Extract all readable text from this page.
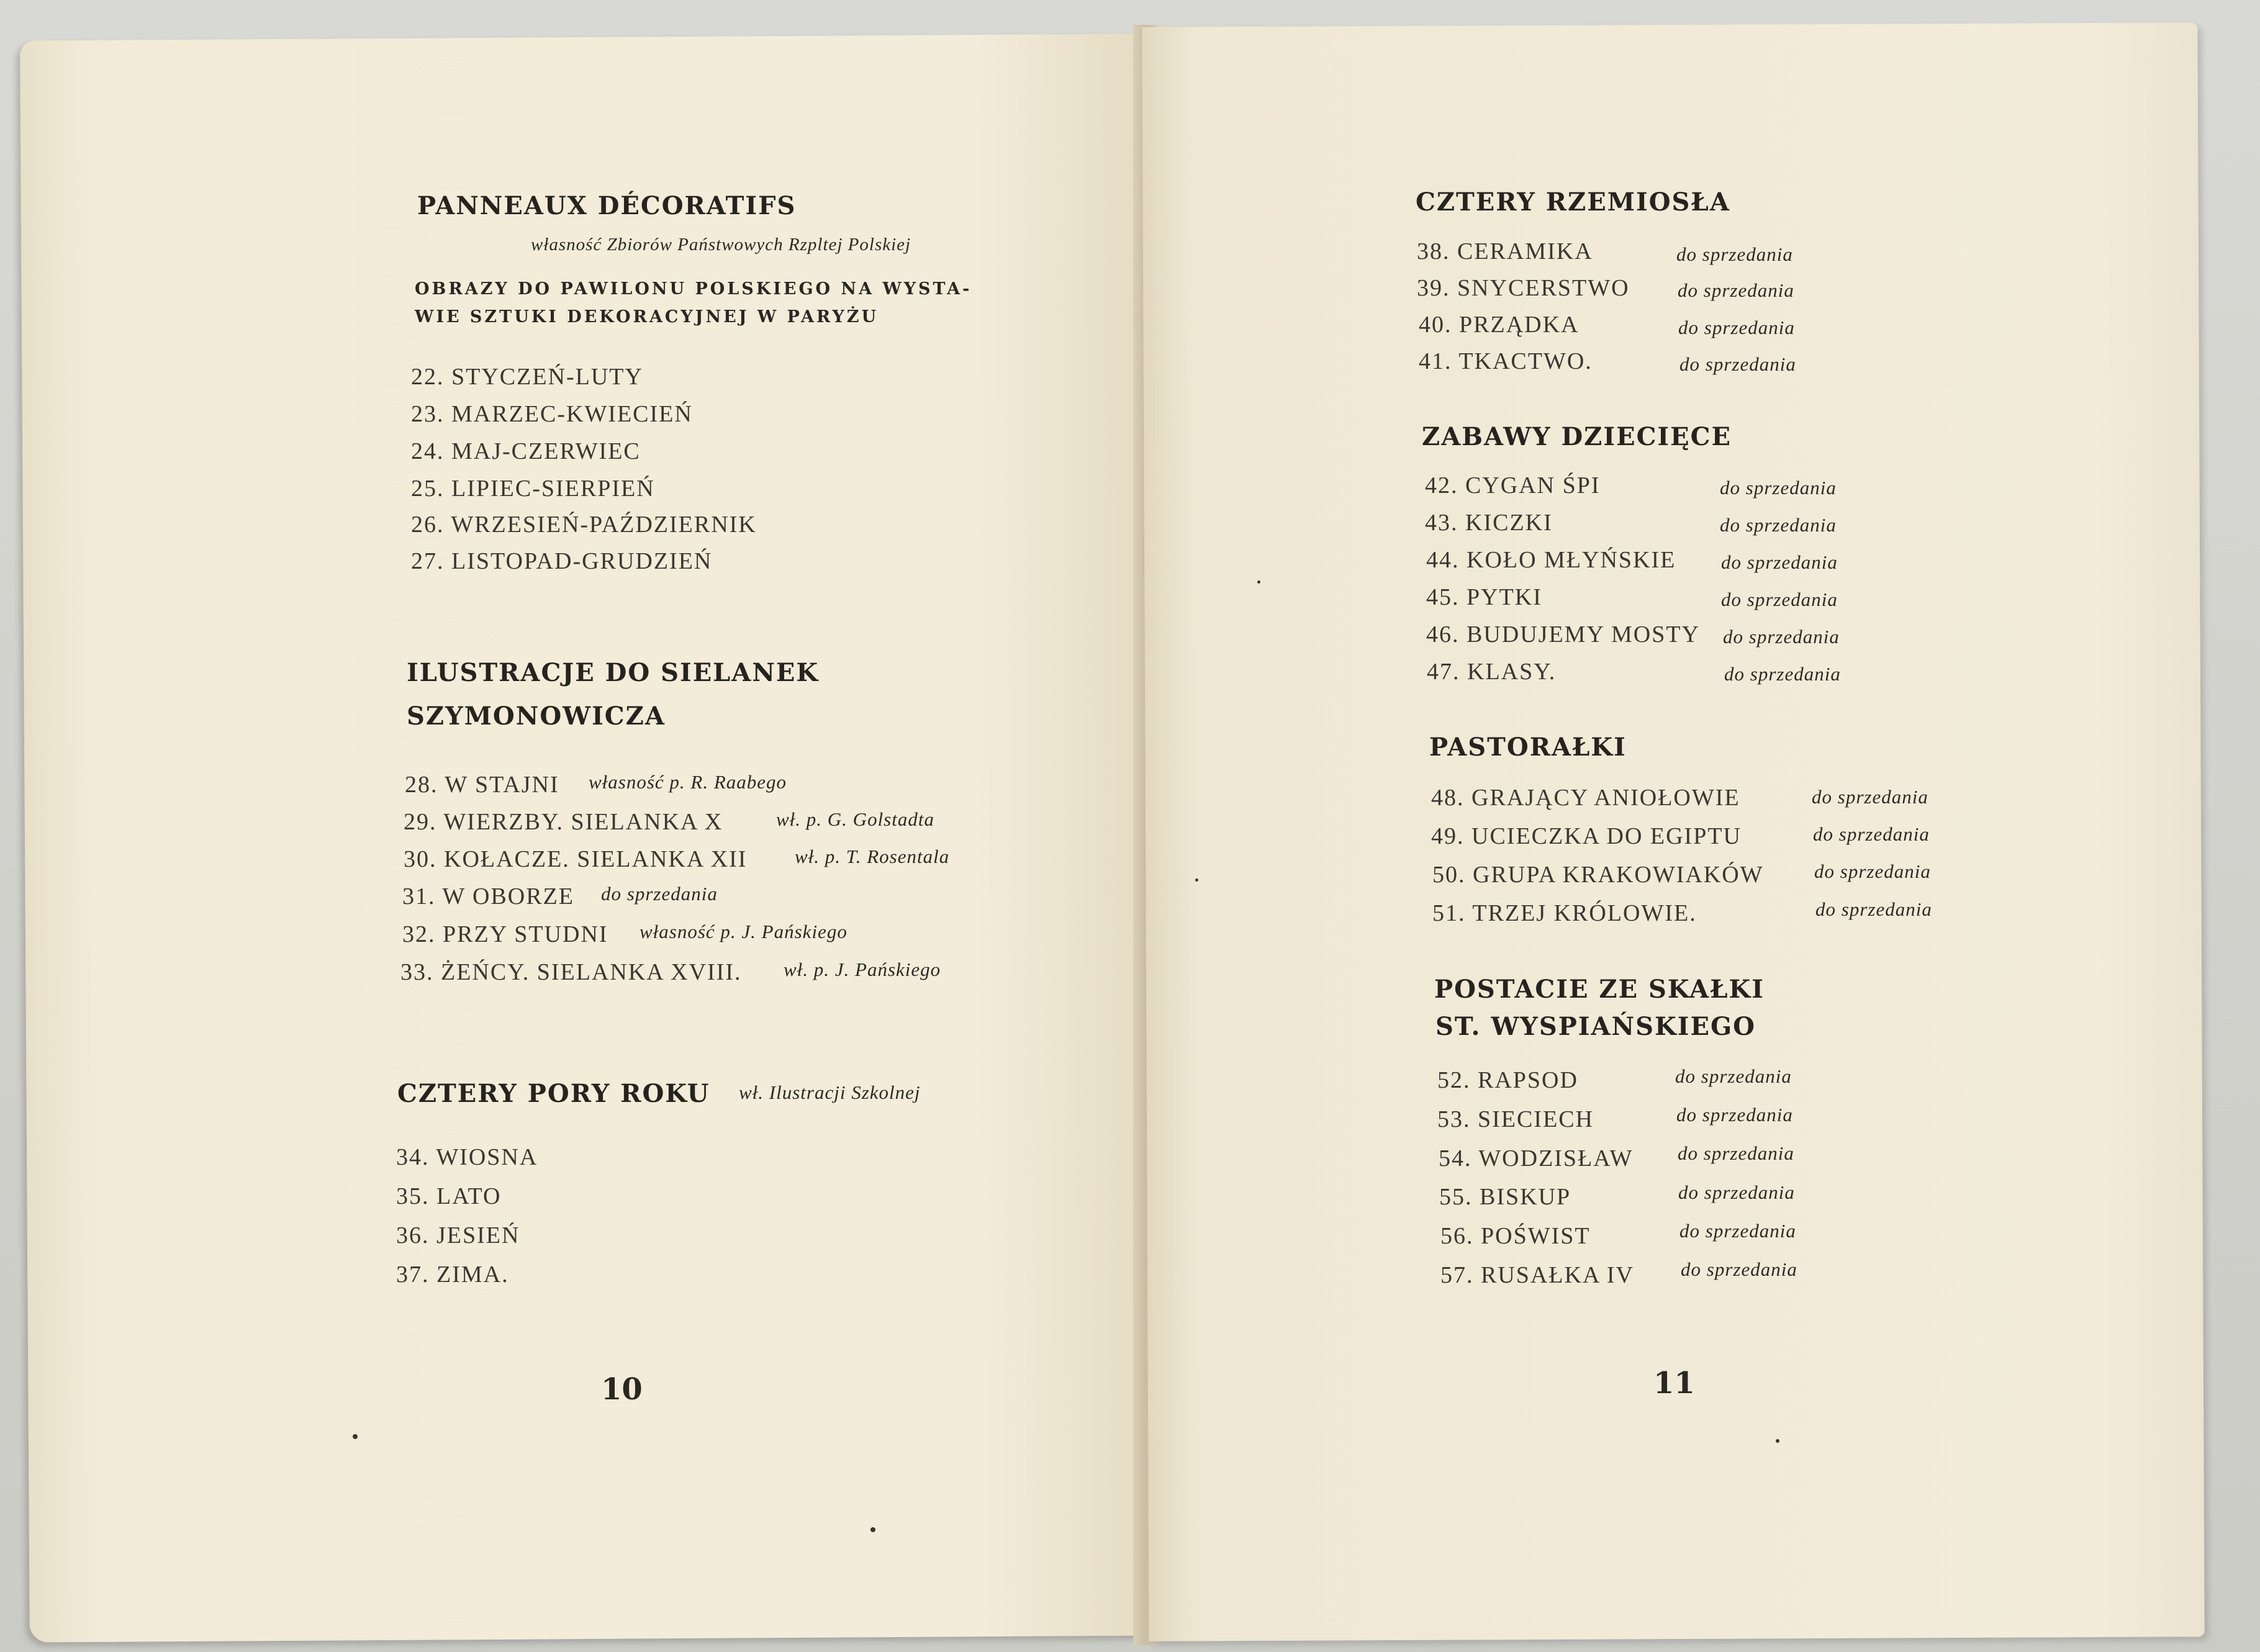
PANNEAUX DÉCORATIFS
własność Zbiorów Państwowych Rzpltej Polskiej
OBRAZY DO PAWILONU POLSKIEGO NA WYSTA-
WIE SZTUKI DEKORACYJNEJ W PARYŻU
22. STYCZEŃ-LUTY
23. MARZEC-KWIECIEŃ
24. MAJ-CZERWIEC
25. LIPIEC-SIERPIEŃ
26. WRZESIEŃ-PAŹDZIERNIK
27. LISTOPAD-GRUDZIEŃ
ILUSTRACJE DO SIELANEK
SZYMONOWICZA
28. W STAJNI własność p. R. Raabego
29. WIERZBY. SIELANKA X	wł. p. G. Golstadta
30. KOŁACZE. SIELANKA XII wł. p. T. Rosentala
31. W OBORZE do sprzedania
32. PRZY STUDNI własność p. J. Pańskiego
33. ŻEŃCY. SIELANKA XVIII. wł. p. J. Pańskiego
CZTERY PORY ROKU wł. Ilustracji Szkolnej
34. WIOSNA
35. LATO
36. JESIEŃ
37. ZIMA.
10
CZTERY RZEMIOSŁA
38. CERAMIKA	do sprzedania
39. SNYCERSTWO do sprzedania
40. PRZĄDKA	do sprzedania
41. TKACTWO.	do sprzedania
ZABAWY DZIECIĘCE
42. CYGAN ŚPI	do sprzedania
43. KICZKI	do sprzedania
44. KOŁO MŁYŃSKIE do sprzedania
45. PYTKI	do sprzedania
46. BUDUJEMY MOSTY do sprzedania
47. KLASY.	do sprzedania
PASTORAŁKI
48. GRAJĄCY ANIOŁOWIE	do sprzedania
49. UCIECZKA DO EGIPTU	do sprzedania
50. GRUPA KRAKOWIAKÓW	do sprzedania
51. TRZEJ KRÓLOWIE.	do sprzedania
POSTACIE ZE SKAŁKI
ST. WYSPIAŃSKIEGO
52. RAPSOD	do sprzedania
53. SIECIECH	do sprzedania
54. WODZISŁAW do sprzedania
55. BISKUP	do sprzedania
56. POŚWIST	do sprzedania
57. RUSAŁKA IV do sprzedania
11
